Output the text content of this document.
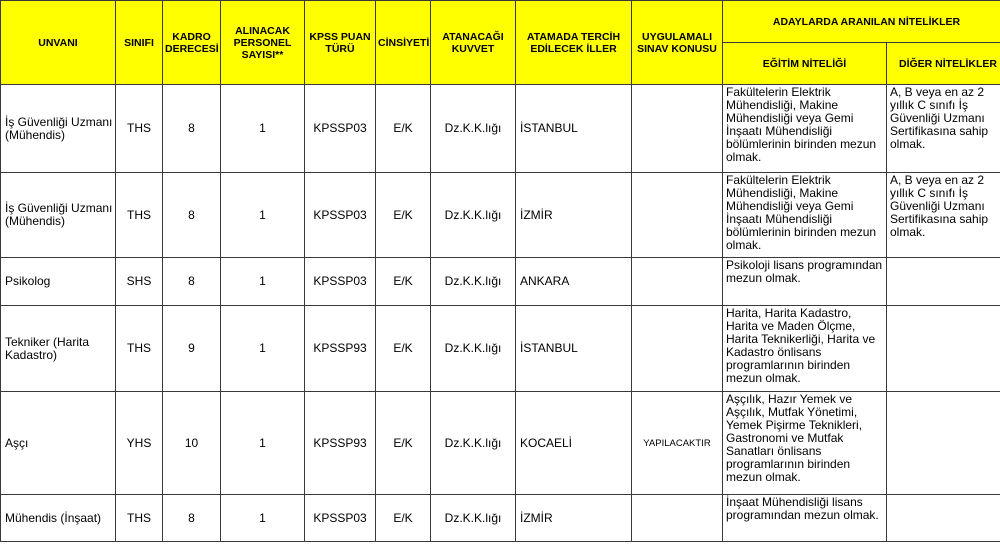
UNVANI	SINIFI	KADRO DERECESİ	ALINACAK PERSONEL SAYISI**	KPSS PUAN TÜRÜ	CİNSİYETİ	ATANACAĞI KUVVET	ATAMADA TERCİH EDİLECEK İLLER	UYGULAMALI SINAV KONUSU	ADAYLARDA ARANILAN NİTELİKLER	
									EĞİTİM NİTELİĞİ	DİĞER NİTELİKLER
İş Güvenliği Uzmanı (Mühendis)	THS	8	1	KPSSP03	E/K	Dz.K.K.lığı	İSTANBUL		Fakültelerin Elektrik Mühendisliği, Makine Mühendisliği veya Gemi İnşaatı Mühendisliği bölümlerinin birinden mezun olmak.	A, B veya en az 2 yıllık C sınıfı İş Güvenliği Uzmanı Sertifikasına sahip olmak.
İş Güvenliği Uzmanı (Mühendis)	THS	8	1	KPSSP03	E/K	Dz.K.K.lığı	İZMİR		Fakültelerin Elektrik Mühendisliği, Makine Mühendisliği veya Gemi İnşaatı Mühendisliği bölümlerinin birinden mezun olmak.	A, B veya en az 2 yıllık C sınıfı İş Güvenliği Uzmanı Sertifikasına sahip olmak.
Psikolog	SHS	8	1	KPSSP03	E/K	Dz.K.K.lığı	ANKARA		Psikoloji lisans programından mezun olmak.	
Tekniker (Harita Kadastro)	THS	9	1	KPSSP93	E/K	Dz.K.K.lığı	İSTANBUL		Harita, Harita Kadastro, Harita ve Maden Ölçme, Harita Teknikerliği, Harita ve Kadastro önlisans programlarının birinden mezun olmak.	
Aşçı	YHS	10	1	KPSSP93	E/K	Dz.K.K.lığı	KOCAELİ	YAPILACAKTIR	Aşçılık, Hazır Yemek ve Aşçılık, Mutfak Yönetimi, Yemek Pişirme Teknikleri, Gastronomi ve Mutfak Sanatları önlisans programlarının birinden mezun olmak.	
Mühendis (İnşaat)	THS	8	1	KPSSP03	E/K	Dz.K.K.lığı	İZMİR		İnşaat Mühendisliği lisans programından mezun olmak.	
